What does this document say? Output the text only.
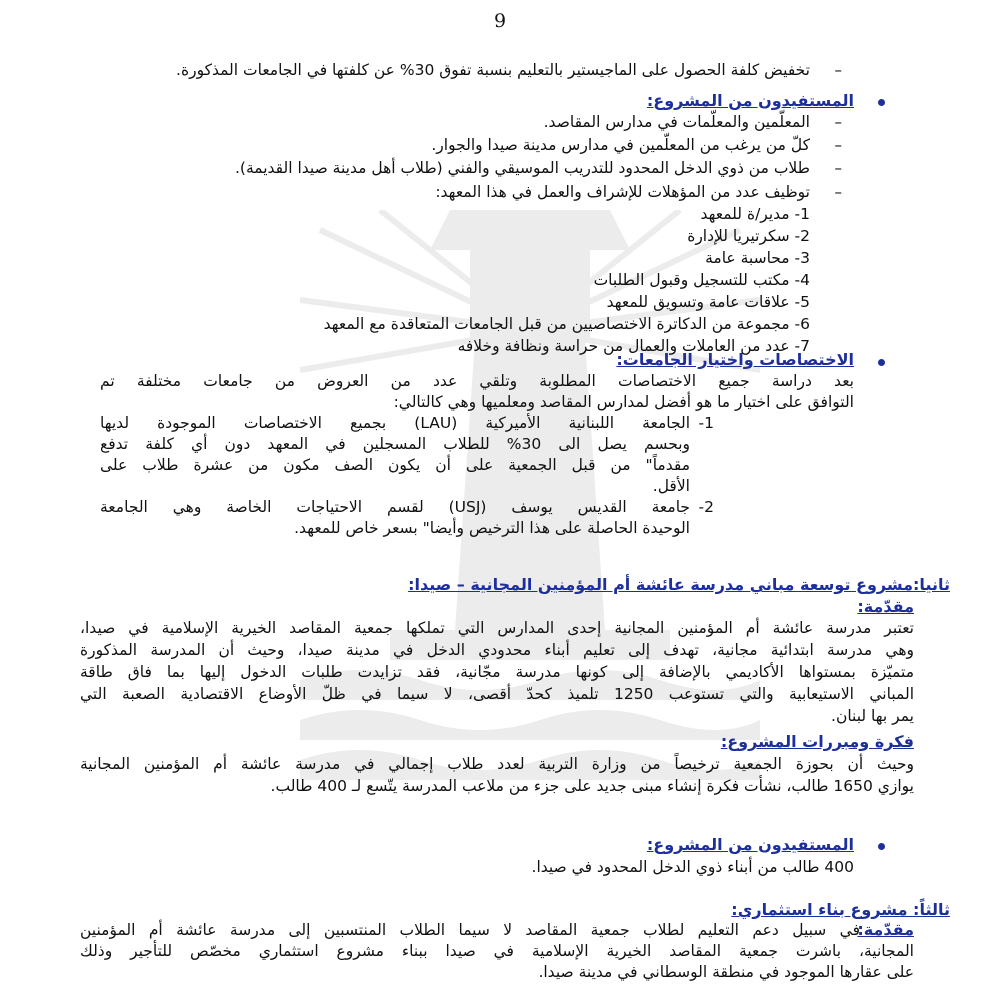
9
–
تخفيض كلفة الحصول على الماجيستير بالتعليم بنسبة تفوق 30% عن كلفتها في الجامعات المذكورة.
المستفيدون من المشروع:
–
المعلّمين والمعلّمات في مدارس المقاصد.
–
كلّ من يرغب من المعلّمين في مدارس مدينة صيدا والجوار.
–
طلاب من ذوي الدخل المحدود للتدريب الموسيقي والفني (طلاب أهل مدينة صيدا القديمة).
–
توظيف عدد من المؤهلات للإشراف والعمل في هذا المعهد:
1- مدير/ة للمعهد
2- سكرتيريا للإدارة
3- محاسبة عامة
4- مكتب للتسجيل وقبول الطلبات
5- علاقات عامة وتسويق للمعهد
6- مجموعة من الدكاترة الاختصاصيين من قبل الجامعات المتعاقدة مع المعهد
7- عدد من العاملات والعمال من حراسة ونظافة وخلافه
الاختصاصات واختيار الجامعات:
بعد دراسة جميع الاختصاصات المطلوبة وتلقي عدد من العروض من جامعات مختلفة تم
التوافق على اختيار ما هو أفضل لمدارس المقاصد ومعلميها وهي كالتالي:
1-
الجامعة اللبنانية الأميركية (LAU) بجميع الاختصاصات الموجودة لديها
وبحسم يصل الى 30% للطلاب المسجلين في المعهد دون أي كلفة تدفع
مقدماً" من قبل الجمعية على أن يكون الصف مكون من عشرة طلاب على
الأقل.
2-
جامعة القديس يوسف (USJ) لقسم الاحتياجات الخاصة وهي الجامعة
الوحيدة الحاصلة على هذا الترخيص وأيضا" بسعر خاص للمعهد.
ثانيا:مشروع توسعة مباني مدرسة عائشة أم المؤمنين المجانية – صيدا:
مقدّمة:
تعتبر مدرسة عائشة أم المؤمنين المجانية إحدى المدارس التي تملكها جمعية المقاصد الخيرية الإسلامية في صيدا،
وهي مدرسة ابتدائية مجانية، تهدف إلى تعليم أبناء محدودي الدخل في مدينة صيدا، وحيث أن المدرسة المذكورة
متميّزة بمستواها الأكاديمي بالإضافة إلى كونها مدرسة مجّانية، فقد تزايدت طلبات الدخول إليها بما فاق طاقة
المباني الاستيعابية والتي تستوعب 1250 تلميذ كحدّ أقصى، لا سيما في ظلّ الأوضاع الاقتصادية الصعبة التي
يمر بها لبنان.
فكرة ومبررات المشروع:
وحيث أن بحوزة الجمعية ترخيصاً من وزارة التربية لعدد طلاب إجمالي في مدرسة عائشة أم المؤمنين المجانية
يوازي 1650 طالب، نشأت فكرة إنشاء مبنى جديد على جزء من ملاعب المدرسة يتّسع لـ 400 طالب.
المستفيدون من المشروع:
400 طالب من أبناء ذوي الدخل المحدود في صيدا.
ثالثاً: مشروع بناء استثماري:
مقدّمة:
في سبيل دعم التعليم لطلاب جمعية المقاصد لا سيما الطلاب المنتسبين إلى مدرسة عائشة أم المؤمنين
المجانية، باشرت جمعية المقاصد الخيرية الإسلامية في صيدا ببناء مشروع استثماري مخصّص للتأجير وذلك
على عقارها الموجود في منطقة الوسطاني في مدينة صيدا.
